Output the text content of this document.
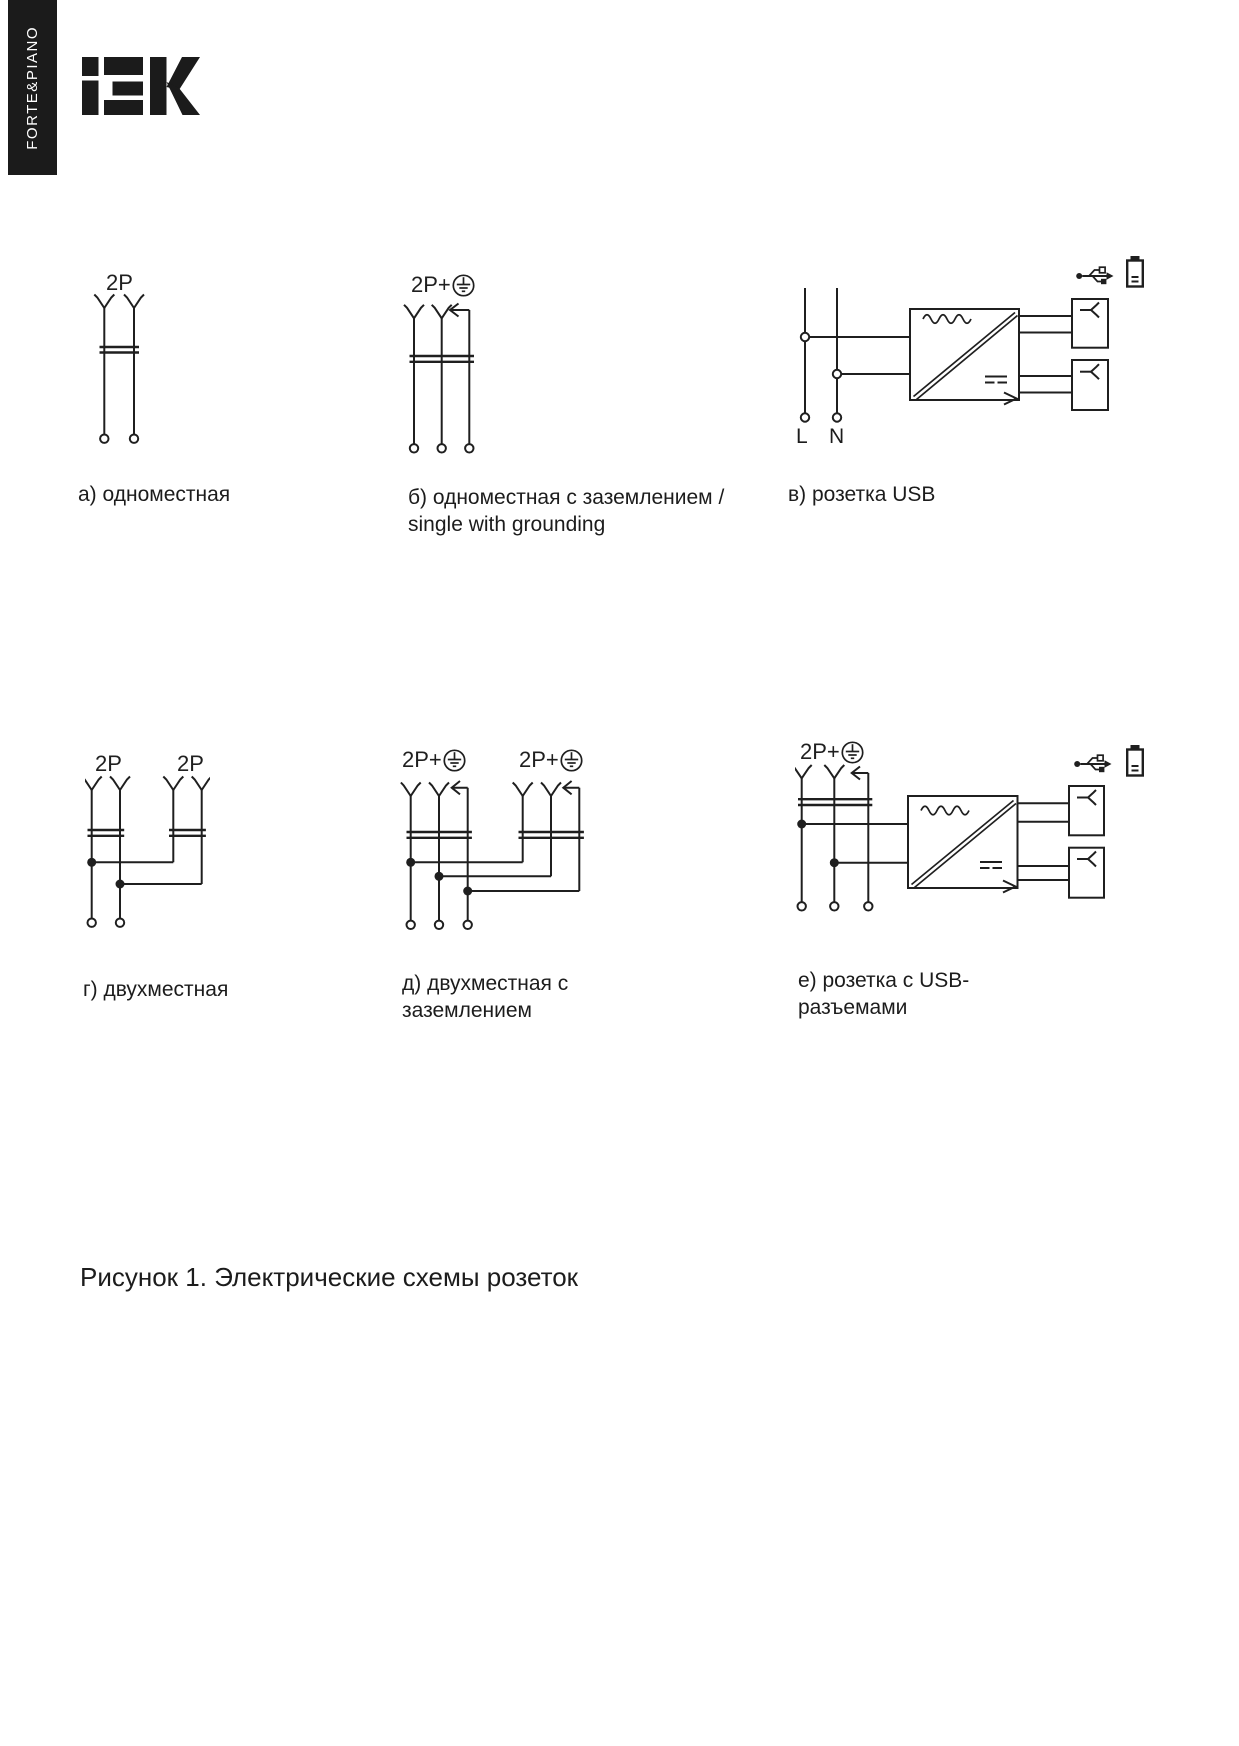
FORTE&PIANO
2P
а) одноместная
2P+
б) одноместная с заземлением /
single with grounding
L N
в) розетка USB
2P	2P
г) двухместная
2P+	2P+
д) двухместная с
заземлением
2P+
е) розетка с USB-
разъемами
Рисунок 1. Электрические схемы розеток
